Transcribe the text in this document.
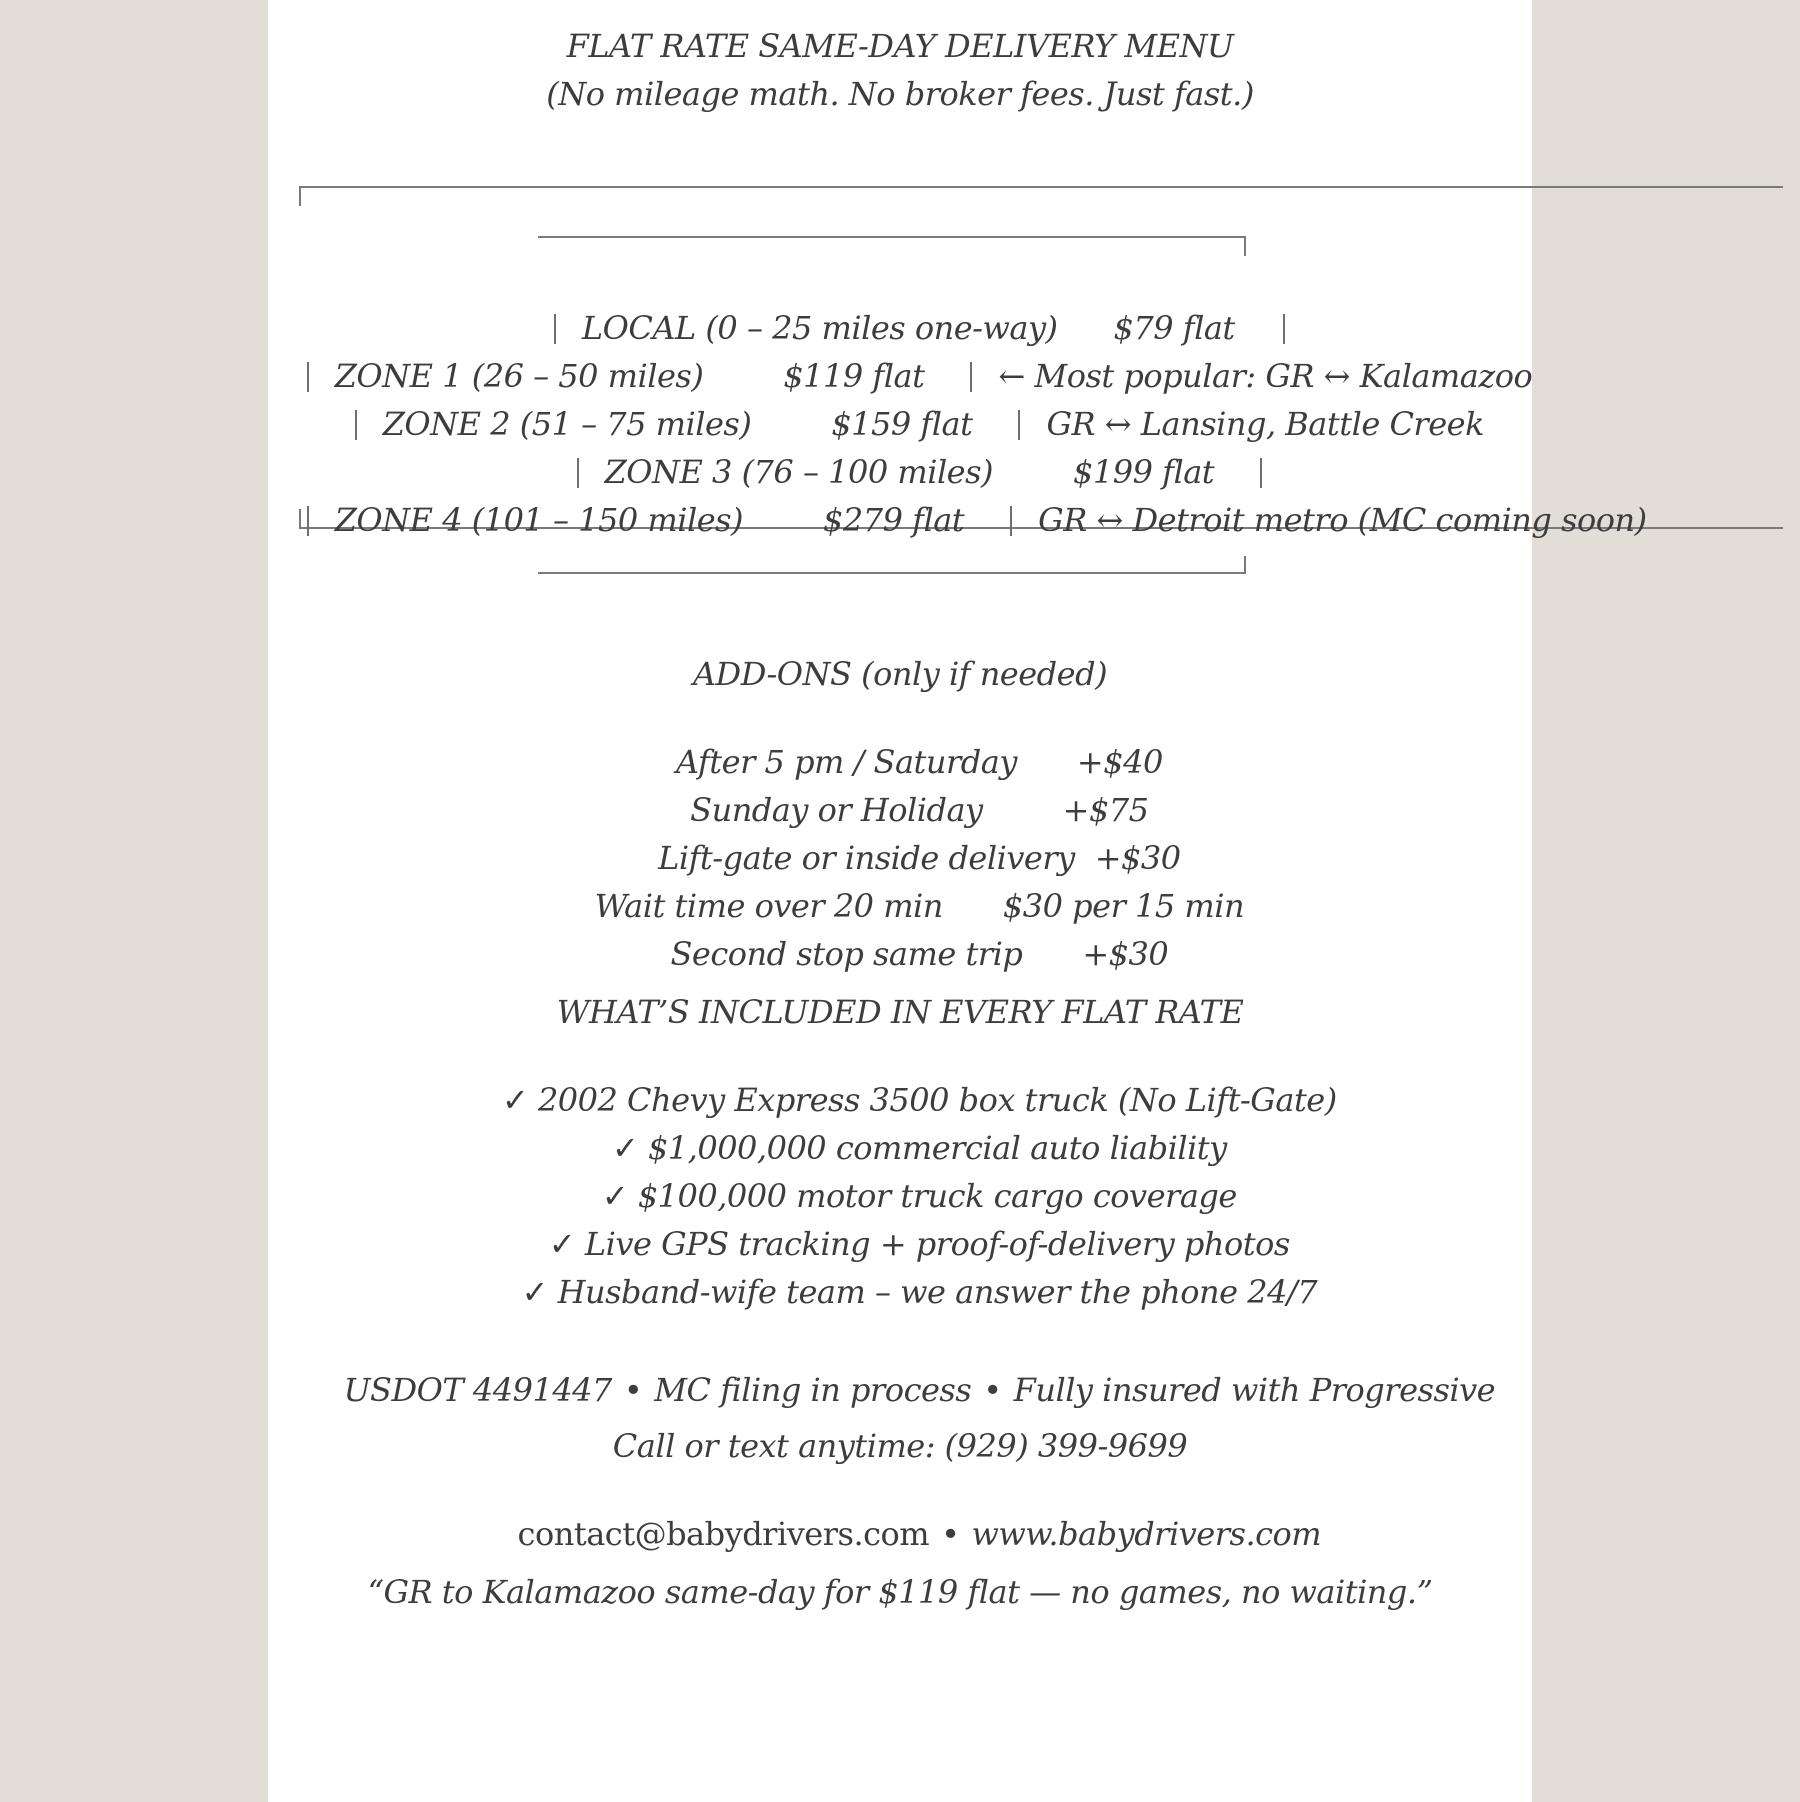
FLAT RATE SAME-DAY DELIVERY MENU
(No mileage math. No broker fees. Just fast.)

LOCAL (0 – 25 miles one-way) $79 flat

ZONE 1 (26 – 50 miles)	$119 flat ← Most popular: GR ↔ Kalamazoo

ZONE 2 (51 – 75 miles)	$159 flat GR ↔ Lansing, Battle Creek

ZONE 3 (76 – 100 miles)	$199 flat

ZONE 4 (101 – 150 miles)	$279 flat GR ↔ Detroit metro (MC coming soon)

ADD-ONS (only if needed)

After 5 pm / Saturday +$40

Sunday or Holiday	+$75

Lift-gate or inside delivery +$30

Wait time over 20 min $30 per 15 min

Second stop same trip +$30

WHAT’S INCLUDED IN EVERY FLAT RATE

✓ 2002 Chevy Express 3500 box truck (No Lift-Gate)

✓ $1,000,000 commercial auto liability

✓ $100,000 motor truck cargo coverage

✓ Live GPS tracking + proof-of-delivery photos

✓ Husband-wife team – we answer the phone 24/7

USDOT 4491447 • MC filing in process • Fully insured with Progressive

Call or text anytime: (929) 399-9699

contact@babydrivers.com • www.babydrivers.com

“GR to Kalamazoo same-day for $119 flat — no games, no waiting.”
